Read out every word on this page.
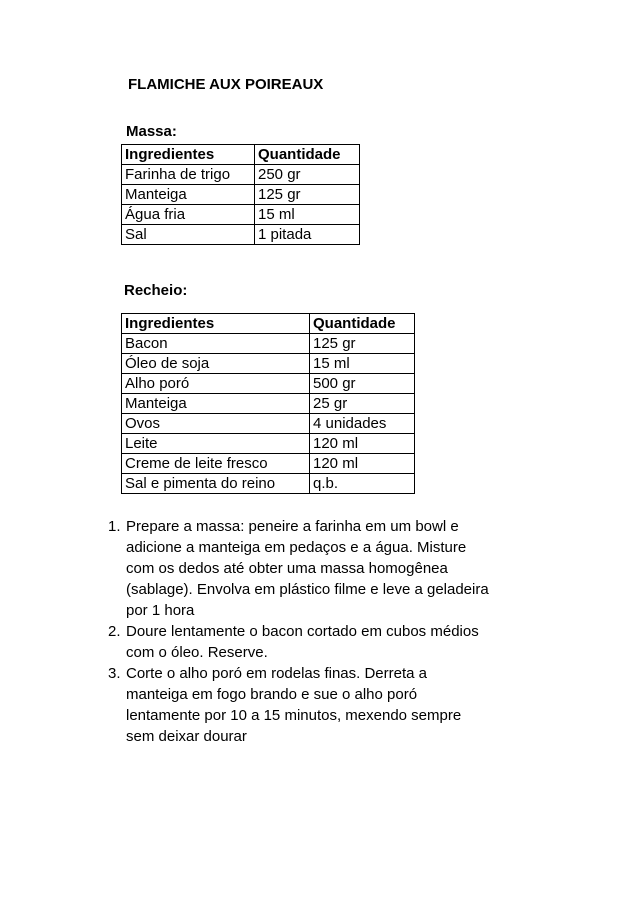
FLAMICHE AUX POIREAUX
Massa:
Ingredientes	Quantidade
Farinha de trigo	250 gr
Manteiga	125 gr
Água fria	15 ml
Sal	1 pitada
Recheio:
Ingredientes	Quantidade
Bacon	125 gr
Óleo de soja	15 ml
Alho poró	500 gr
Manteiga	25 gr
Ovos	4 unidades
Leite	120 ml
Creme de leite fresco	120 ml
Sal e pimenta do reino	q.b.
1. Prepare a massa: peneire a farinha em um bowl e
adicione a manteiga em pedaços e a água. Misture
com os dedos até obter uma massa homogênea
(sablage). Envolva em plástico filme e leve a geladeira
por 1 hora
2. Doure lentamente o bacon cortado em cubos médios
com o óleo. Reserve.
3. Corte o alho poró em rodelas finas. Derreta a
manteiga em fogo brando e sue o alho poró
lentamente por 10 a 15 minutos, mexendo sempre
sem deixar dourar
